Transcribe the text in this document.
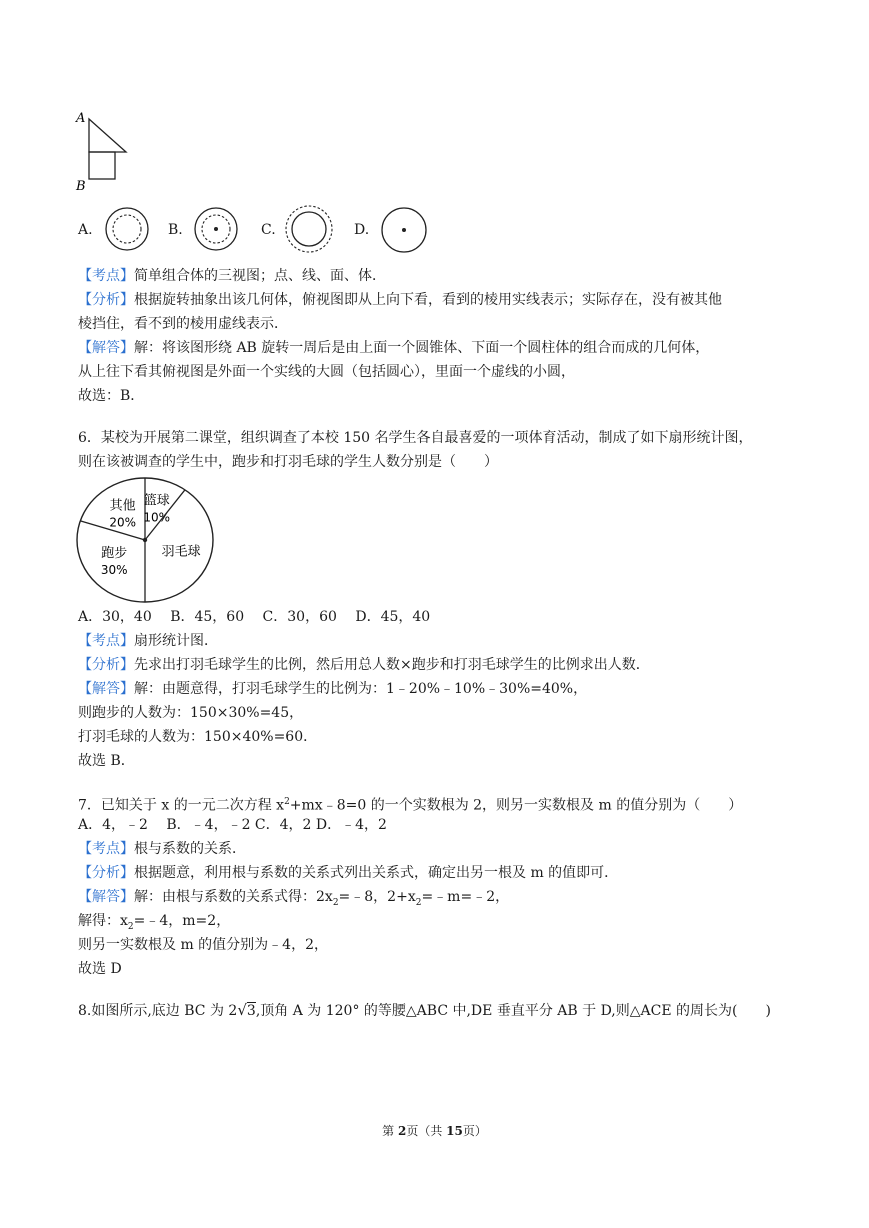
A
B
A.	B.	C.	D.
【考点】简单组合体的三视图；点、线、面、体．
【分析】根据旋转抽象出该几何体，俯视图即从上向下看，看到的棱用实线表示；实际存在，没有被其他
棱挡住，看不到的棱用虚线表示．
【解答】解：将该图形绕 AB 旋转一周后是由上面一个圆锥体、下面一个圆柱体的组合而成的几何体，
从上往下看其俯视图是外面一个实线的大圆（包括圆心），里面一个虚线的小圆，
故选：B．
6．某校为开展第二课堂，组织调查了本校 150 名学生各自最喜爱的一项体育活动，制成了如下扇形统计图，
则在该被调查的学生中，跑步和打羽毛球的学生人数分别是（　　）
篮球
10%
羽毛球
跑步
30%
其他
20%
A．30，40　 B．45，60　 C．30，60　 D．45，40
【考点】扇形统计图．
【分析】先求出打羽毛球学生的比例，然后用总人数×跑步和打羽毛球学生的比例求出人数．
【解答】解：由题意得，打羽毛球学生的比例为：1﹣20%﹣10%﹣30%=40%，
则跑步的人数为：150×30%=45，
打羽毛球的人数为：150×40%=60．
故选 B．
7．已知关于 x 的一元二次方程 $x^2+mx﹣8=0$ 的一个实数根为 2，则另一实数根及 m 的值分别为（　　）
A．4，﹣2　 B．﹣4，﹣2 C．4，2 D．﹣4，2
【考点】根与系数的关系．
【分析】根据题意，利用根与系数的关系式列出关系式，确定出另一根及 m 的值即可．
【解答】解：由根与系数的关系式得：$2x_2=﹣8$，$2+x_2=﹣m=﹣2$，
解得：$x_2=﹣4$，m=2，
则另一实数根及 m 的值分别为﹣4，2，
故选 D
8.如图所示,底边 BC 为 2√3,顶角 A 为 120° 的等腰△ABC 中,DE 垂直平分 AB 于 D,则△ACE 的周长为(　　)
第 2页（共 15页）
